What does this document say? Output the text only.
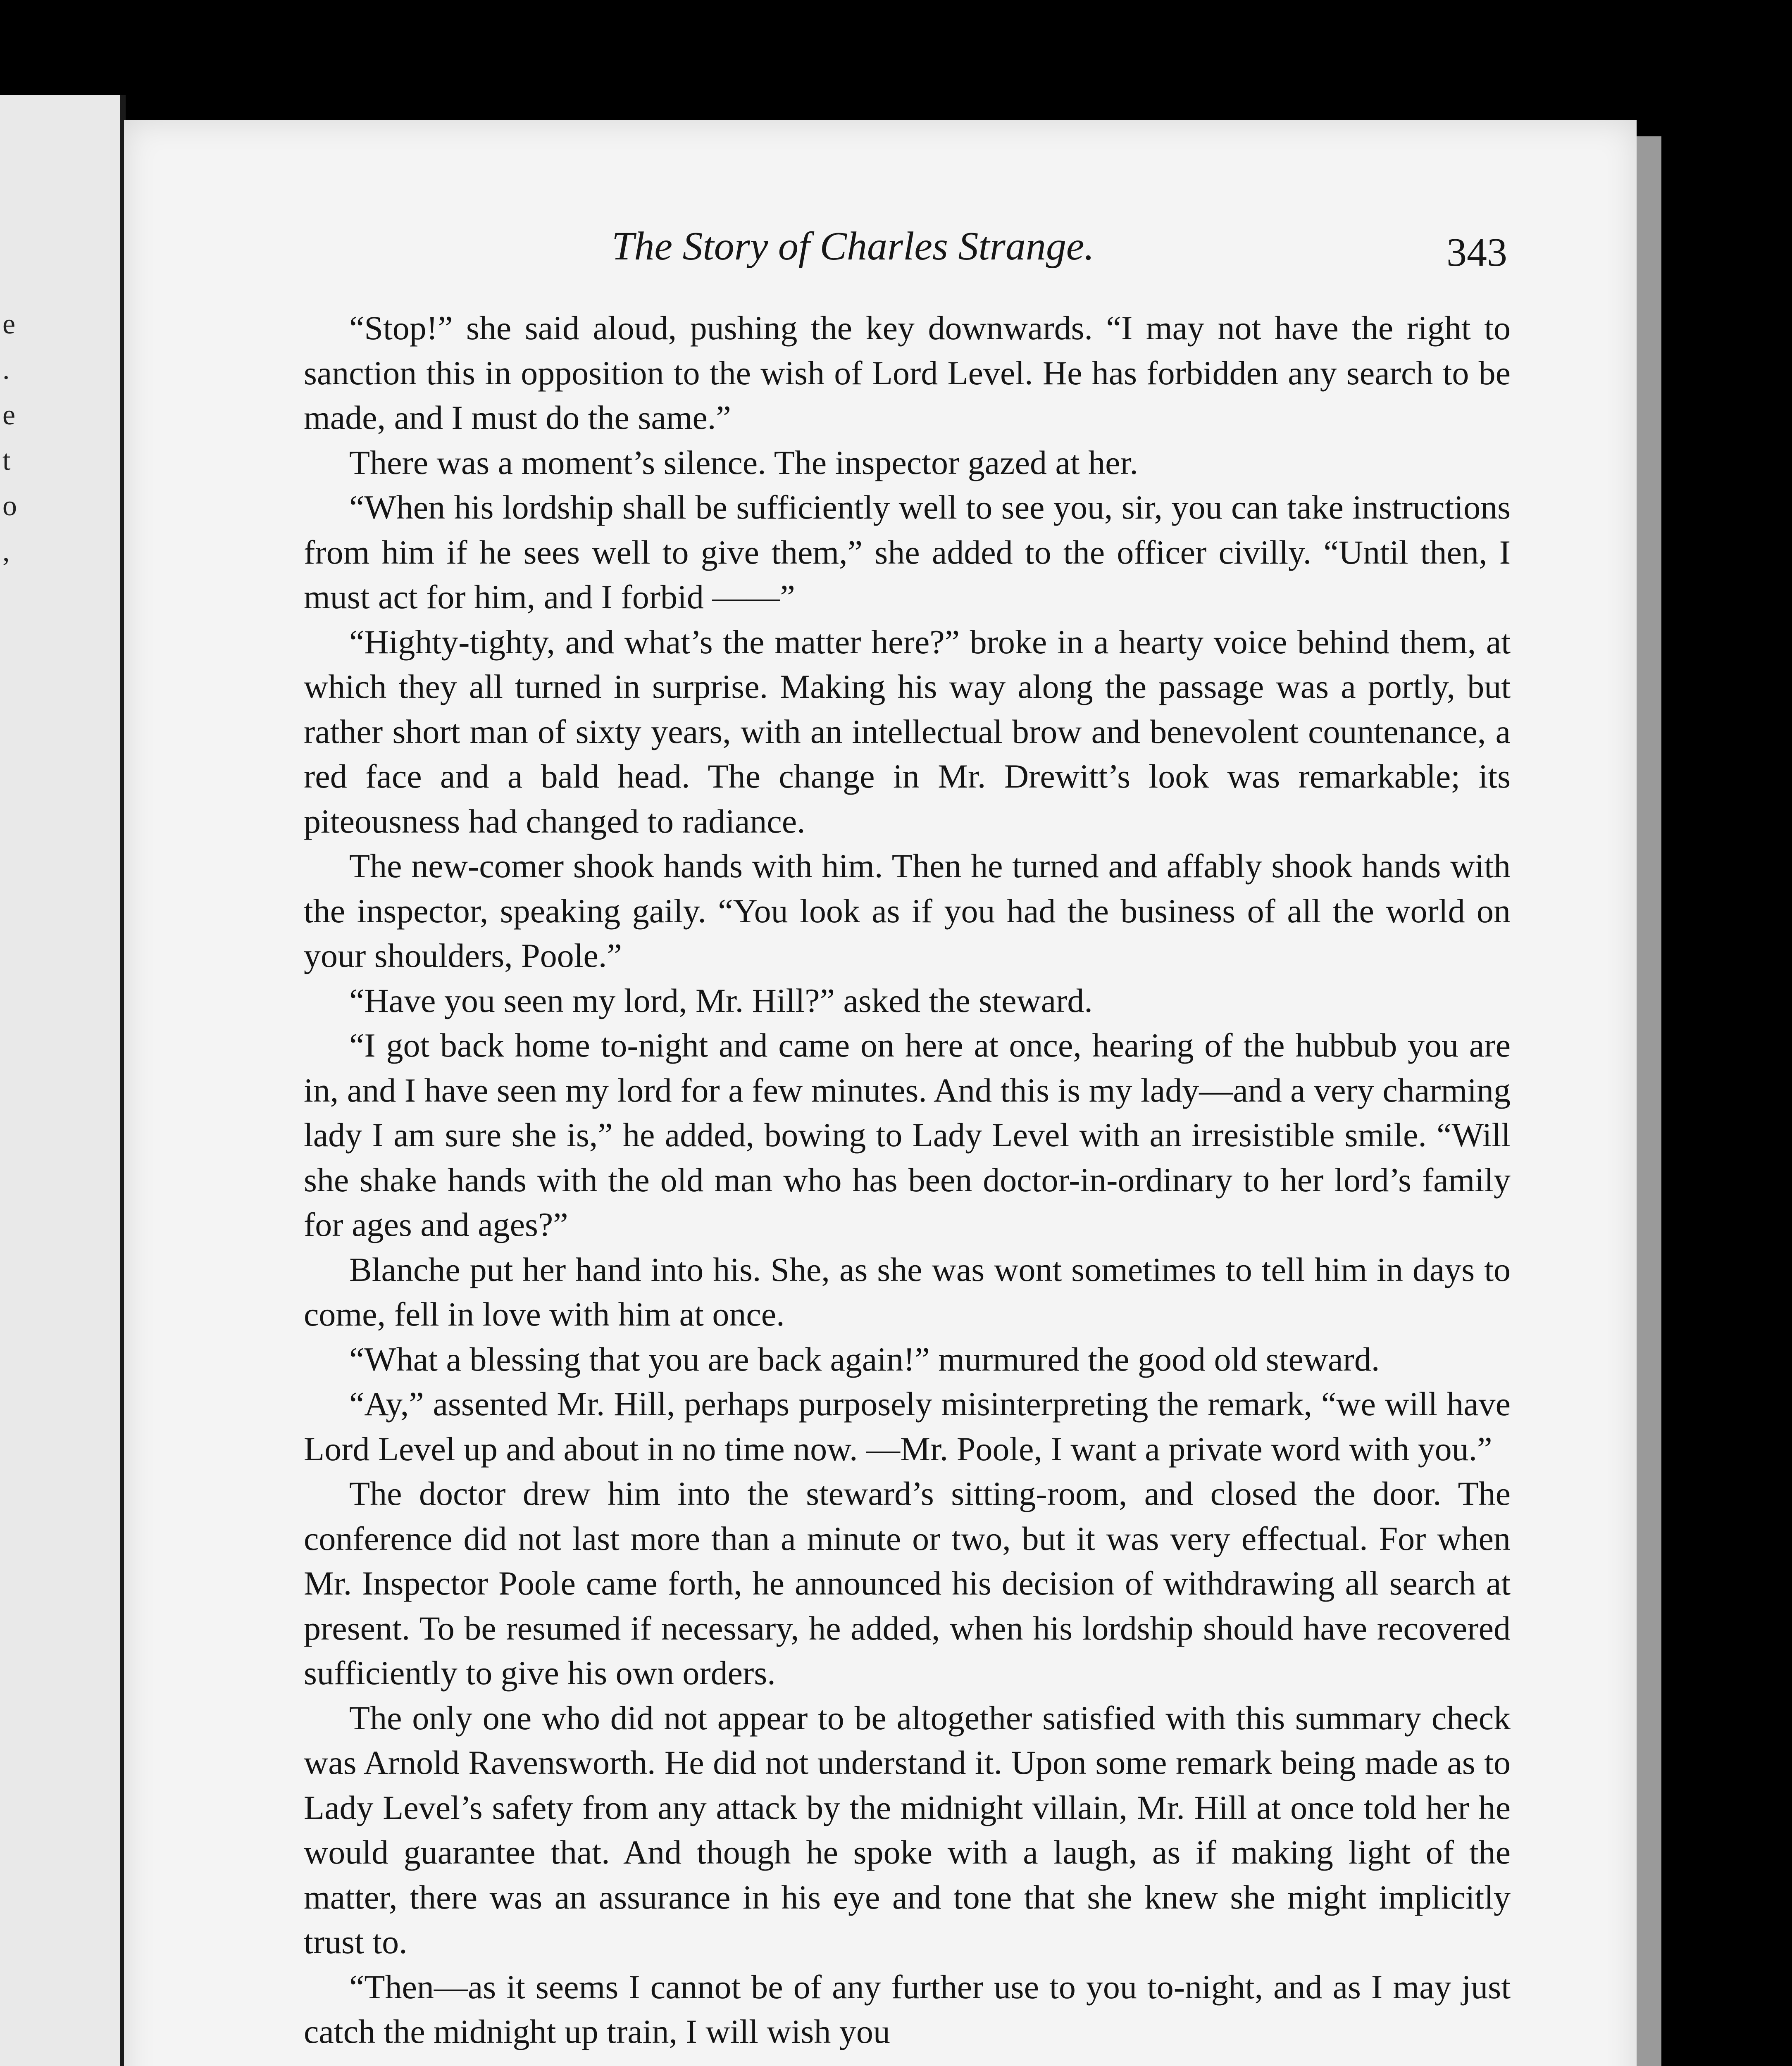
e
.
e
t
o
,
The Story of Charles Strange.	343

“Stop!” she said aloud, pushing the key downwards. “I may not have the right to sanction this in opposition to the wish of Lord Level. He has forbidden any search to be made, and I must do the same.”

There was a moment’s silence. The inspector gazed at her.

“When his lordship shall be sufficiently well to see you, sir, you can take instructions from him if he sees well to give them,” she added to the officer civilly. “Until then, I must act for him, and I forbid ——”

“Highty-tighty, and what’s the matter here?” broke in a hearty voice behind them, at which they all turned in surprise. Making his way along the passage was a portly, but rather short man of sixty years, with an intellectual brow and benevolent countenance, a red face and a bald head. The change in Mr. Drewitt’s look was remarkable; its piteousness had changed to radiance.

The new-comer shook hands with him. Then he turned and affably shook hands with the inspector, speaking gaily. “You look as if you had the business of all the world on your shoulders, Poole.”

“Have you seen my lord, Mr. Hill?” asked the steward.

“I got back home to-night and came on here at once, hearing of the hubbub you are in, and I have seen my lord for a few minutes. And this is my lady—and a very charming lady I am sure she is,” he added, bowing to Lady Level with an irresistible smile. “Will she shake hands with the old man who has been doctor-in-ordinary to her lord’s family for ages and ages?”

Blanche put her hand into his. She, as she was wont sometimes to tell him in days to come, fell in love with him at once.

“What a blessing that you are back again!” murmured the good old steward.

“Ay,” assented Mr. Hill, perhaps purposely misinterpreting the remark, “we will have Lord Level up and about in no time now. —Mr. Poole, I want a private word with you.”

The doctor drew him into the steward’s sitting-room, and closed the door. The conference did not last more than a minute or two, but it was very effectual. For when Mr. Inspector Poole came forth, he announced his decision of withdrawing all search at present. To be resumed if necessary, he added, when his lordship should have recovered sufficiently to give his own orders.

The only one who did not appear to be altogether satisfied with this summary check was Arnold Ravensworth. He did not understand it. Upon some remark being made as to Lady Level’s safety from any attack by the midnight villain, Mr. Hill at once told her he would guarantee that. And though he spoke with a laugh, as if making light of the matter, there was an assurance in his eye and tone that she knew she might implicitly trust to.

“Then—as it seems I cannot be of any further use to you to-night, and as I may just catch the midnight up train, I will wish you
